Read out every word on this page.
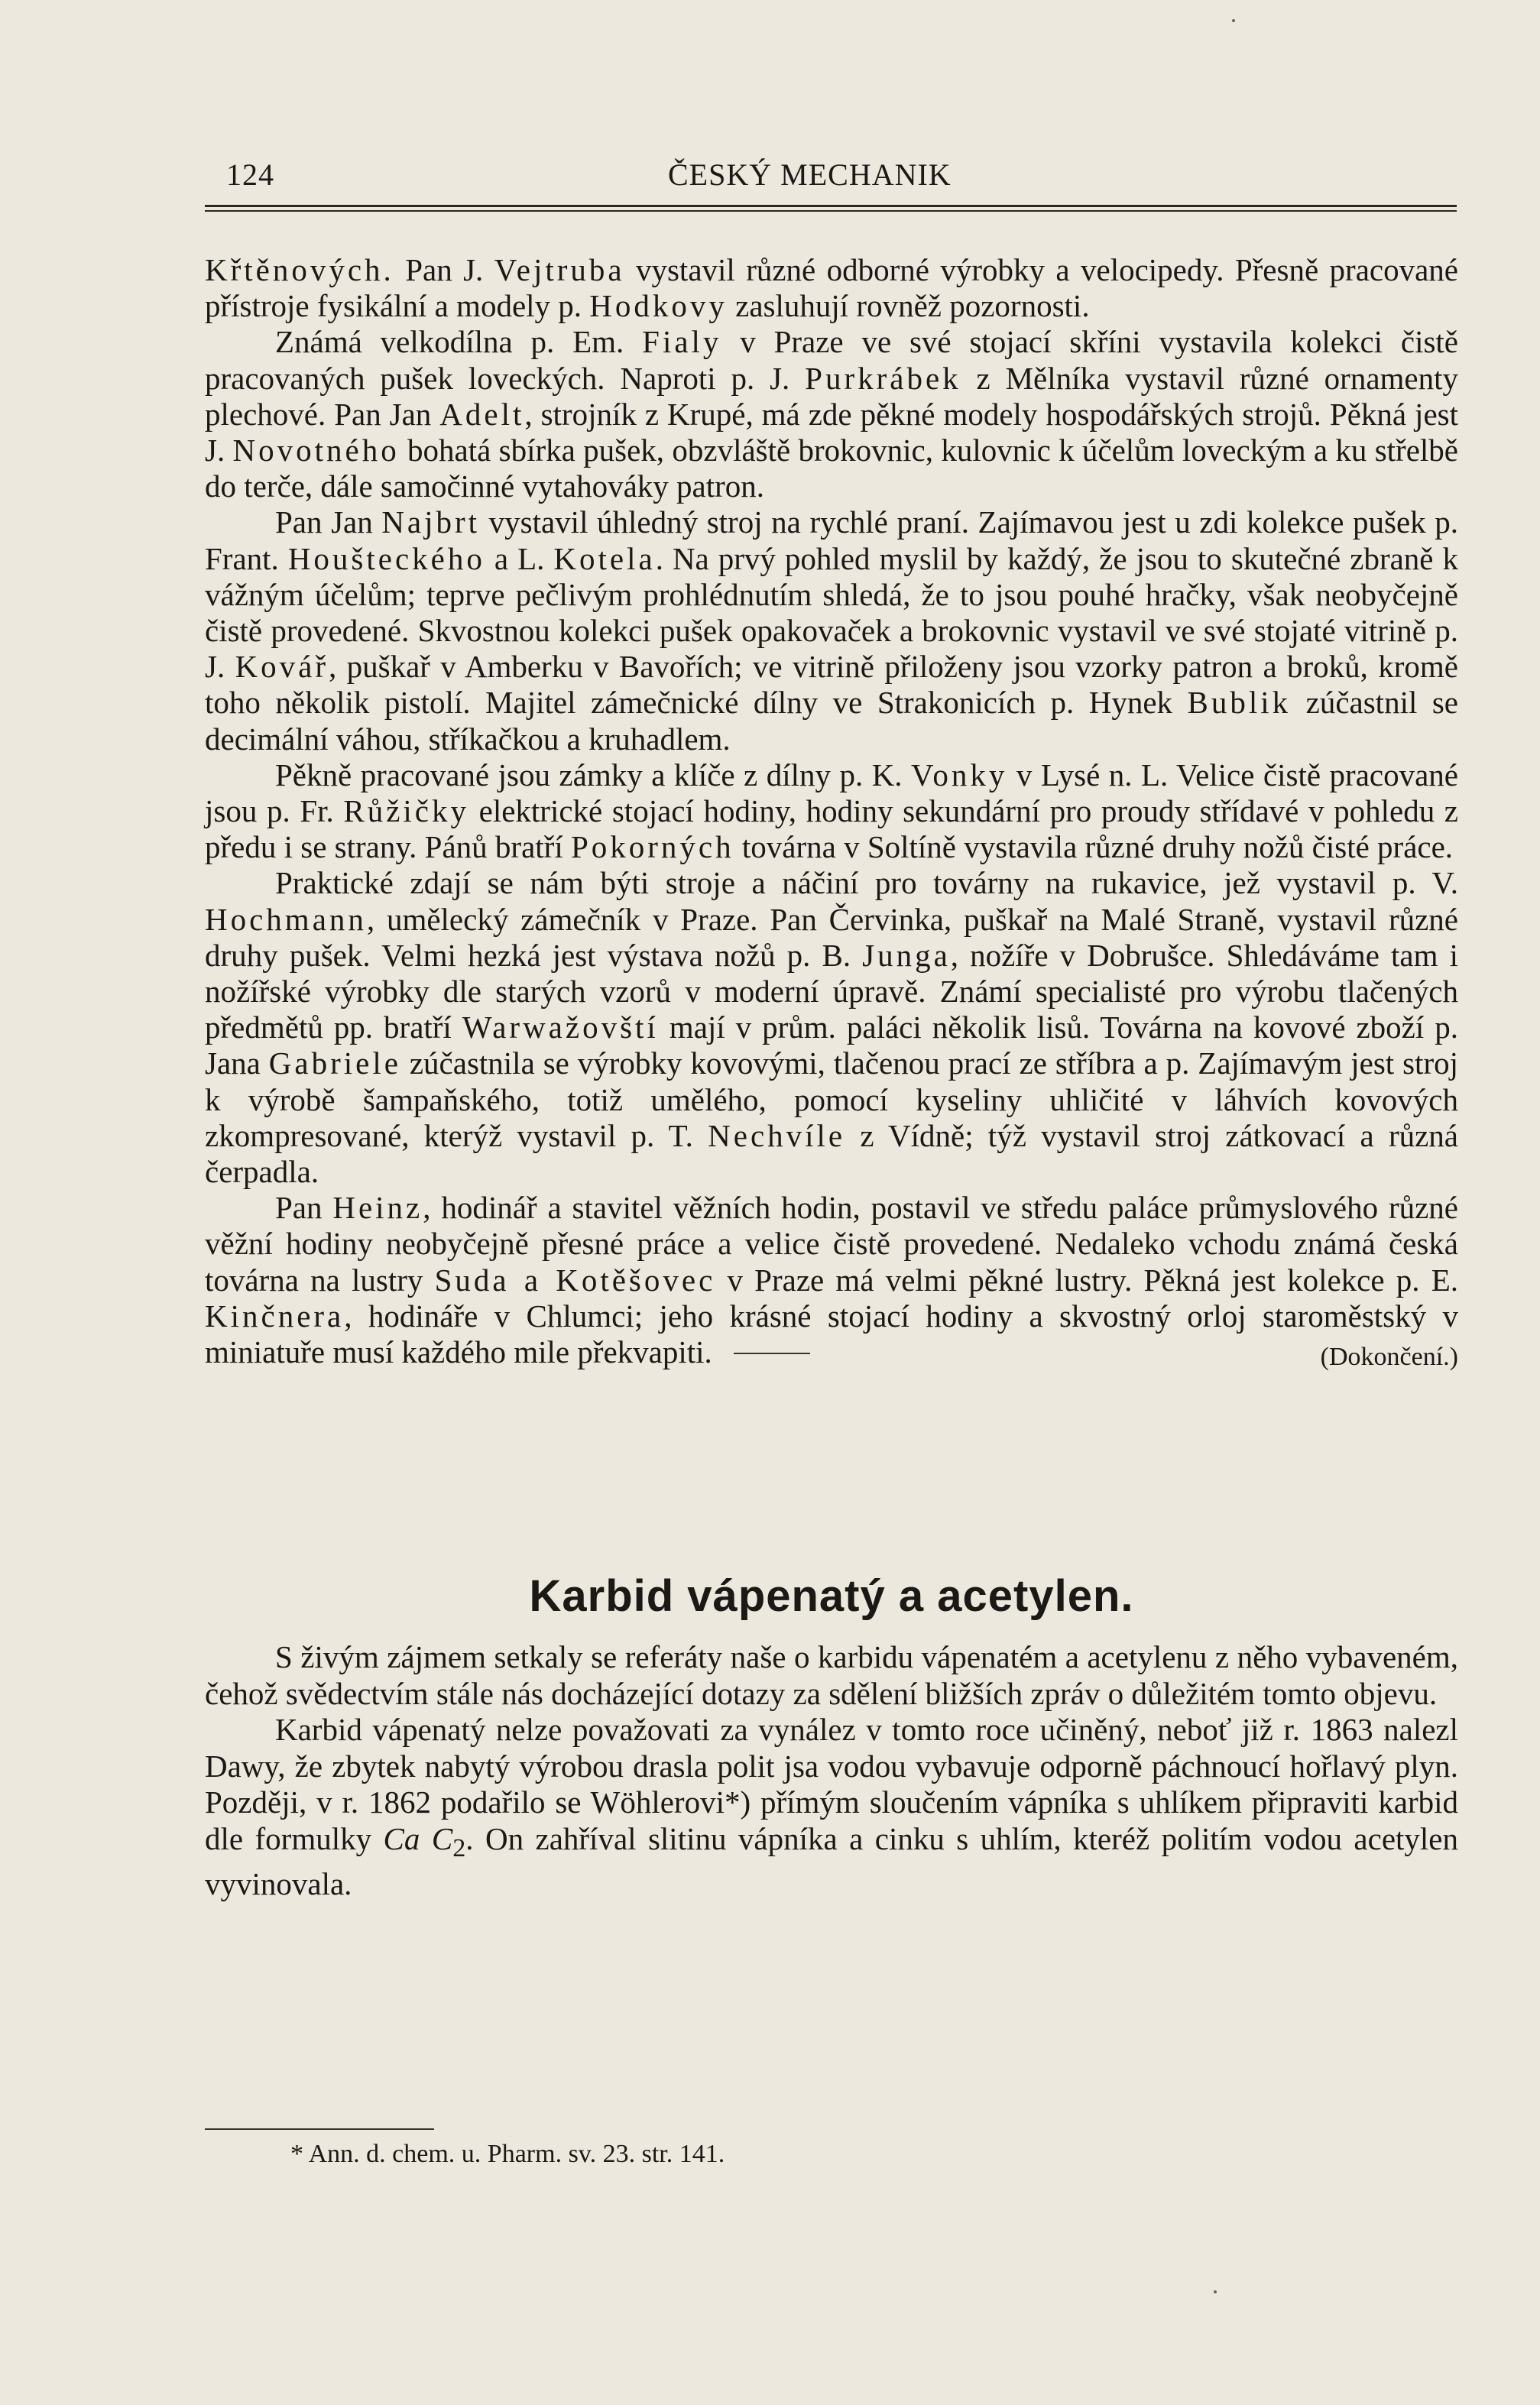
124	ČESKÝ MECHANIK

Křtěnových. Pan J. Vejtruba vystavil různé odborné výrobky a velocipedy. Přesně pracované přístroje fysikální a modely p. Hodkovy zasluhují rovněž pozornosti.

Známá velkodílna p. Em. Fialy v Praze ve své stojací skříni vystavila kolekci čistě pracovaných pušek loveckých. Naproti p. J. Purkrábek z Mělníka vystavil různé ornamenty plechové. Pan Jan Adelt, strojník z Krupé, má zde pěkné modely hospodářských strojů. Pěkná jest J. Novotného bohatá sbírka pušek, obzvláště brokovnic, kulovnic k účelům loveckým a ku střelbě do terče, dále samočinné vytahováky patron.

Pan Jan Najbrt vystavil úhledný stroj na rychlé praní. Zajímavou jest u zdi kolekce pušek p. Frant. Houšteckého a L. Kotela. Na prvý pohled myslil by každý, že jsou to skutečné zbraně k vážným účelům; teprve pečlivým prohlédnutím shledá, že to jsou pouhé hračky, však neobyčejně čistě provedené. Skvostnou kolekci pušek opakovaček a brokovnic vystavil ve své stojaté vitrině p. J. Kovář, puškař v Amberku v Bavořích; ve vitrině přiloženy jsou vzorky patron a broků, kromě toho několik pistolí. Majitel zámečnické dílny ve Strakonicích p. Hynek Bublik zúčastnil se decimální váhou, stříkačkou a kruhadlem.

Pěkně pracované jsou zámky a klíče z dílny p. K. Vonky v Lysé n. L. Velice čistě pracované jsou p. Fr. Růžičky elektrické stojací hodiny, hodiny sekundární pro proudy střídavé v pohledu z předu i se strany. Pánů bratří Pokorných továrna v Soltíně vystavila různé druhy nožů čisté práce.

Praktické zdají se nám býti stroje a náčiní pro továrny na rukavice, jež vystavil p. V. Hochmann, umělecký zámečník v Praze. Pan Červinka, puškař na Malé Straně, vystavil různé druhy pušek. Velmi hezká jest výstava nožů p. B. Junga, nožíře v Dobrušce. Shledáváme tam i nožířské výrobky dle starých vzorů v moderní úpravě. Známí specialisté pro výrobu tlačených předmětů pp. bratří Warwažovští mají v prům. paláci několik lisů. Továrna na kovové zboží p. Jana Gabriele zúčastnila se výrobky kovovými, tlačenou prací ze stříbra a p. Zajímavým jest stroj k výrobě šampaňského, totiž umělého, pomocí kyseliny uhličité v láhvích kovových zkompresované, kterýž vystavil p. T. Nechvíle z Vídně; týž vystavil stroj zátkovací a různá čerpadla.

Pan Heinz, hodinář a stavitel věžních hodin, postavil ve středu paláce průmyslového různé věžní hodiny neobyčejně přesné práce a velice čistě provedené. Nedaleko vchodu známá česká továrna na lustry Suda a Kotěšovec v Praze má velmi pěkné lustry. Pěkná jest kolekce p. E. Kinčnera, hodináře v Chlumci; jeho krásné stojací hodiny a skvostný orloj staroměstský v miniatuře musí každého mile překvapiti.	(Dokončení.)

Karbid vápenatý a acetylen.

S živým zájmem setkaly se referáty naše o karbidu vápenatém a acetylenu z něho vybaveném, čehož svědectvím stále nás docházející dotazy za sdělení bližších zpráv o důležitém tomto objevu.

Karbid vápenatý nelze považovati za vynález v tomto roce učiněný, neboť již r. 1863 nalezl Dawy, že zbytek nabytý výrobou drasla polit jsa vodou vybavuje odporně páchnoucí hořlavý plyn. Později, v r. 1862 podařilo se Wöhlerovi*) přímým sloučením vápníka s uhlíkem připraviti karbid dle formulky Ca $C_2$. On zahříval slitinu vápníka a cinku s uhlím, kteréž politím vodou acetylen vyvinovala.

* Ann. d. chem. u. Pharm. sv. 23. str. 141.
